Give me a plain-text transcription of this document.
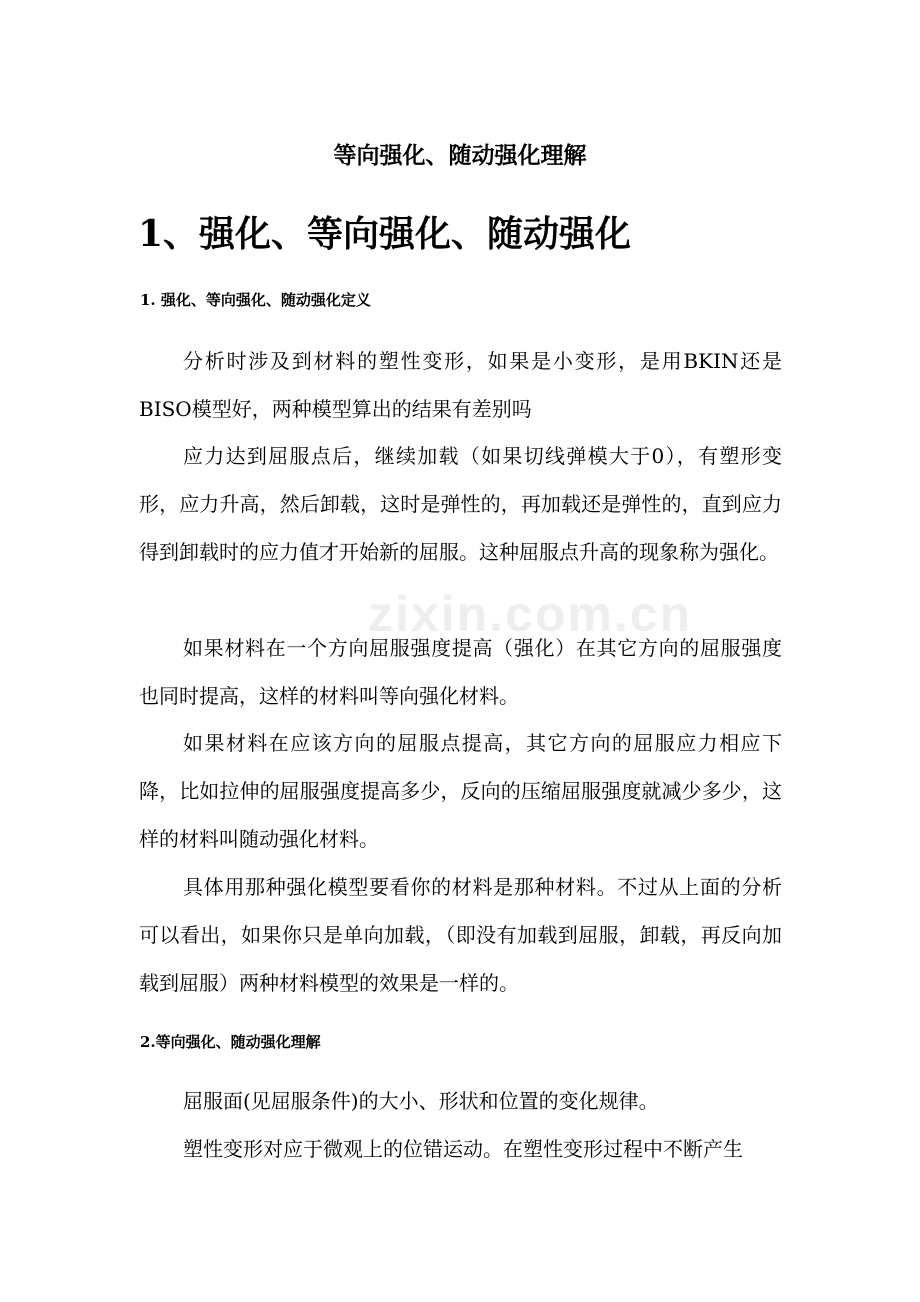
zixin.com.cn
等向强化、随动强化理解
1、强化、等向强化、随动强化
1. 强化、等向强化、随动强化定义

分析时涉及到材料的塑性变形，如果是小变形，是用BKIN还是BISO模型好，两种模型算出的结果有差别吗

应力达到屈服点后，继续加载（如果切线弹模大于0），有塑形变形，应力升高，然后卸载，这时是弹性的，再加载还是弹性的，直到应力得到卸载时的应力值才开始新的屈服。这种屈服点升高的现象称为强化。

如果材料在一个方向屈服强度提高（强化）在其它方向的屈服强度也同时提高，这样的材料叫等向强化材料。

如果材料在应该方向的屈服点提高，其它方向的屈服应力相应下降，比如拉伸的屈服强度提高多少，反向的压缩屈服强度就减少多少，这样的材料叫随动强化材料。

具体用那种强化模型要看你的材料是那种材料。不过从上面的分析可以看出，如果你只是单向加载，（即没有加载到屈服，卸载，再反向加载到屈服）两种材料模型的效果是一样的。

2.等向强化、随动强化理解

屈服面(见屈服条件)的大小、形状和位置的变化规律。

塑性变形对应于微观上的位错运动。在塑性变形过程中不断产生
